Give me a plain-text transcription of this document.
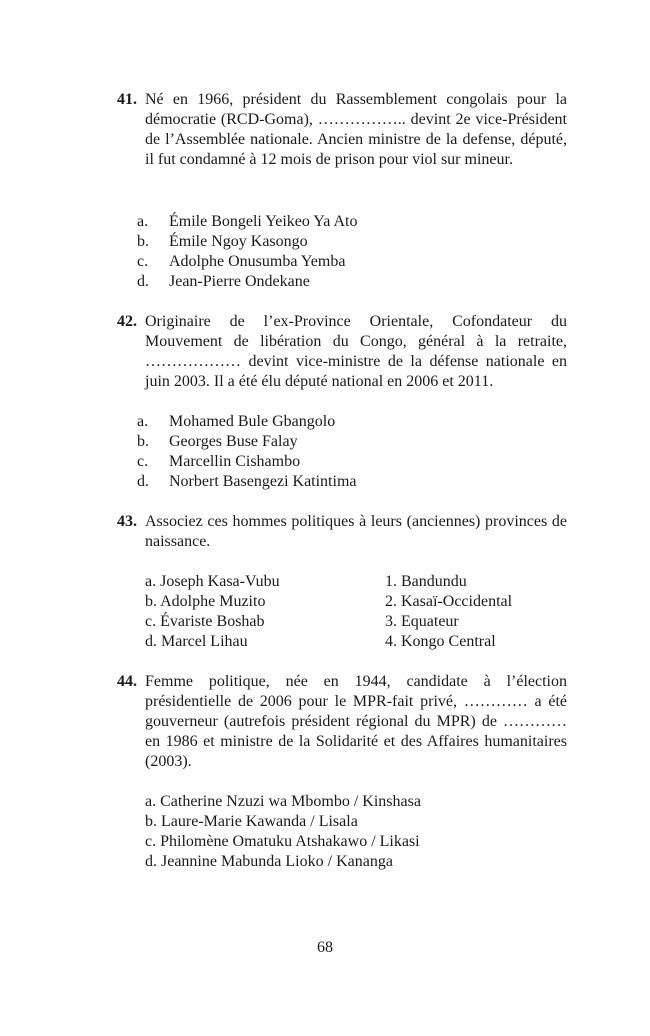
41. Né en 1966, président du Rassemblement congolais pour la démocratie (RCD-Goma), …………….. devint 2e vice-Président de l’Assemblée nationale. Ancien ministre de la defense, député, il fut condamné à 12 mois de prison pour viol sur mineur.
a. Émile Bongeli Yeikeo Ya Ato
b. Émile Ngoy Kasongo
c. Adolphe Onusumba Yemba
d. Jean-Pierre Ondekane
42. Originaire de l’ex-Province Orientale, Cofondateur du Mouvement de libération du Congo, général à la retraite, ……………… devint vice-ministre de la défense nationale en juin 2003. Il a été élu député national en 2006 et 2011.
a. Mohamed Bule Gbangolo
b. Georges Buse Falay
c. Marcellin Cishambo
d. Norbert Basengezi Katintima
43. Associez ces hommes politiques à leurs (anciennes) provinces de naissance.
a. Joseph Kasa-Vubu	1. Bandundu
b. Adolphe Muzito	2. Kasaï-Occidental
c. Évariste Boshab	3. Equateur
d. Marcel Lihau	4. Kongo Central
44. Femme politique, née en 1944, candidate à l’élection présidentielle de 2006 pour le MPR-fait privé, ………… a été gouverneur (autrefois président régional du MPR) de ………… en 1986 et ministre de la Solidarité et des Affaires humanitaires (2003).
a. Catherine Nzuzi wa Mbombo / Kinshasa
b. Laure-Marie Kawanda / Lisala
c. Philomène Omatuku Atshakawo / Likasi
d. Jeannine Mabunda Lioko / Kananga
68
